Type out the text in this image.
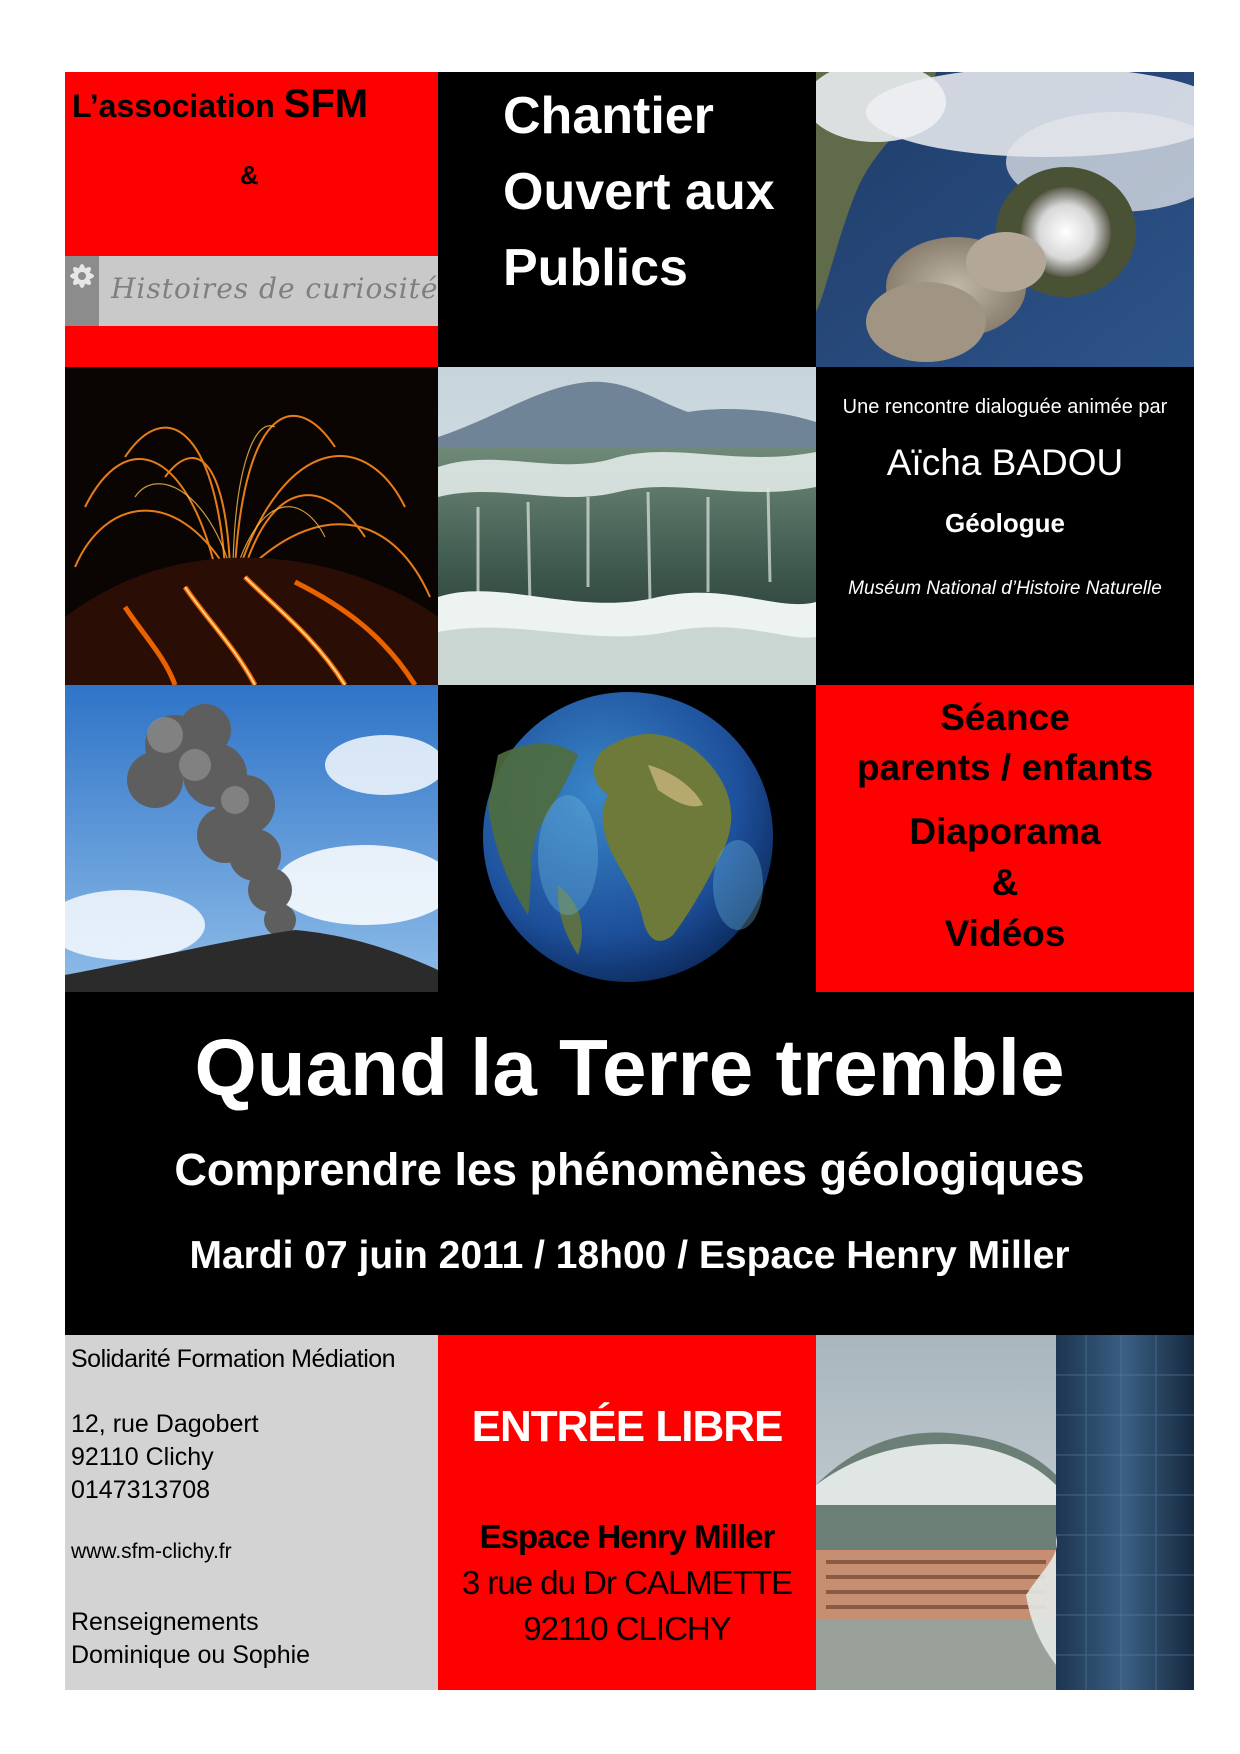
L’association SFM
&
Histoires de curiosité
Chantier
Ouvert aux
Publics
Une rencontre dialoguée animée par
Aïcha BADOU
Géologue
Muséum National d’Histoire Naturelle
Séance
parents / enfants
Diaporama
&
Vidéos
Quand la Terre tremble
Comprendre les phénomènes géologiques
Mardi 07 juin 2011 / 18h00 / Espace Henry Miller
Solidarité Formation Médiation
12, rue Dagobert
92110 Clichy
0147313708
www.sfm-clichy.fr
Renseignements
Dominique ou Sophie
ENTRÉE LIBRE
Espace Henry Miller
3 rue du Dr CALMETTE
92110 CLICHY
